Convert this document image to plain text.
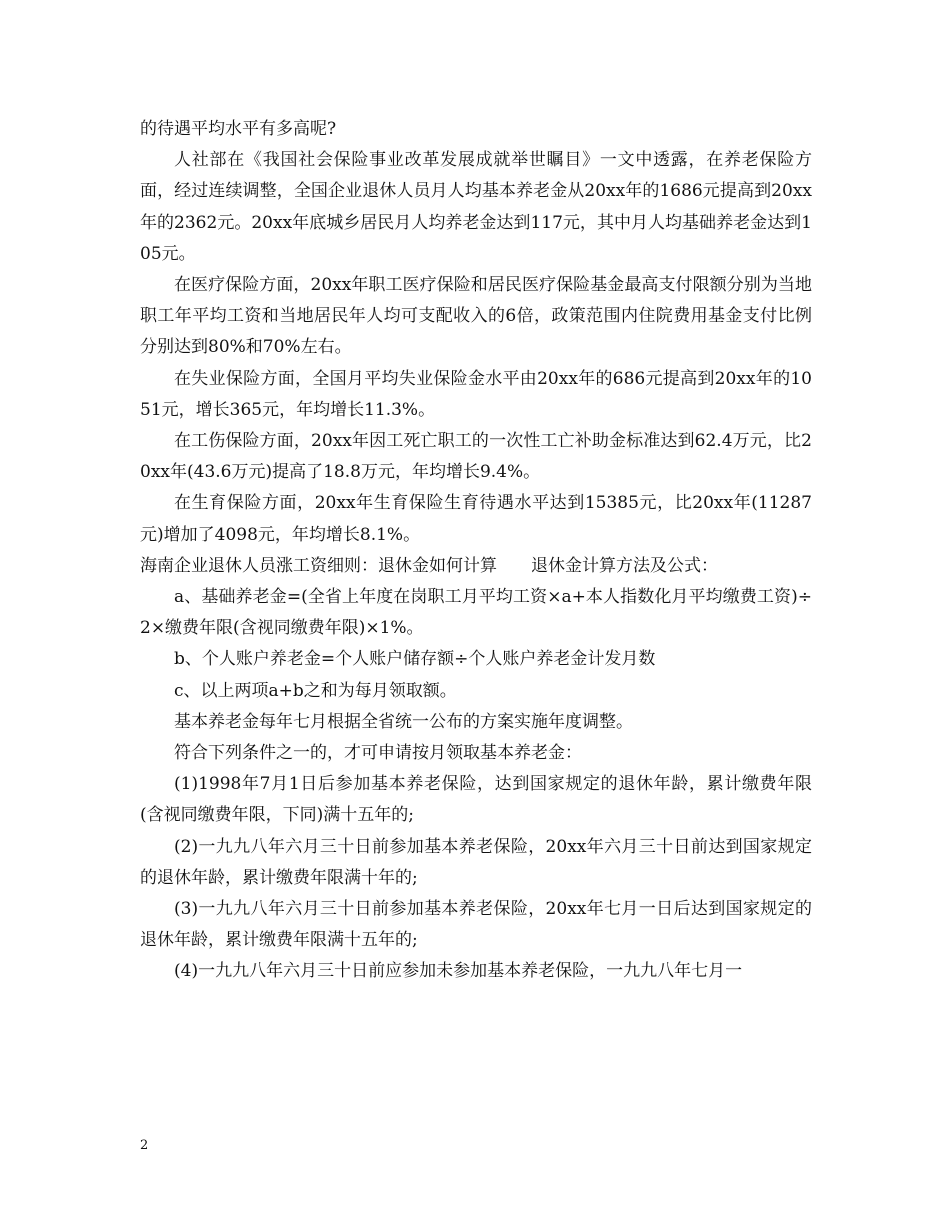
的待遇平均水平有多高呢?

人社部在《我国社会保险事业改革发展成就举世瞩目》一文中透露，在养老保险方面，经过连续调整，全国企业退休人员月人均基本养老金从20xx年的1686元提高到20xx年的2362元。20xx年底城乡居民月人均养老金达到117元，其中月人均基础养老金达到105元。

在医疗保险方面，20xx年职工医疗保险和居民医疗保险基金最高支付限额分别为当地职工年平均工资和当地居民年人均可支配收入的6倍，政策范围内住院费用基金支付比例分别达到80%和70%左右。

在失业保险方面，全国月平均失业保险金水平由20xx年的686元提高到20xx年的1051元，增长365元，年均增长11.3%。

在工伤保险方面，20xx年因工死亡职工的一次性工亡补助金标准达到62.4万元，比20xx年(43.6万元)提高了18.8万元，年均增长9.4%。

在生育保险方面，20xx年生育保险生育待遇水平达到15385元，比20xx年(11287元)增加了4098元，年均增长8.1%。

海南企业退休人员涨工资细则：退休金如何计算　　退休金计算方法及公式：

a、基础养老金=(全省上年度在岗职工月平均工资×a+本人指数化月平均缴费工资)÷2×缴费年限(含视同缴费年限)×1%。

b、个人账户养老金=个人账户储存额÷个人账户养老金计发月数

c、以上两项a+b之和为每月领取额。

基本养老金每年七月根据全省统一公布的方案实施年度调整。

符合下列条件之一的，才可申请按月领取基本养老金：

(1)1998年7月1日后参加基本养老保险，达到国家规定的退休年龄，累计缴费年限(含视同缴费年限，下同)满十五年的;

(2)一九九八年六月三十日前参加基本养老保险，20xx年六月三十日前达到国家规定的退休年龄，累计缴费年限满十年的;

(3)一九九八年六月三十日前参加基本养老保险，20xx年七月一日后达到国家规定的退休年龄，累计缴费年限满十五年的;

(4)一九九八年六月三十日前应参加未参加基本养老保险，一九九八年七月一

2
